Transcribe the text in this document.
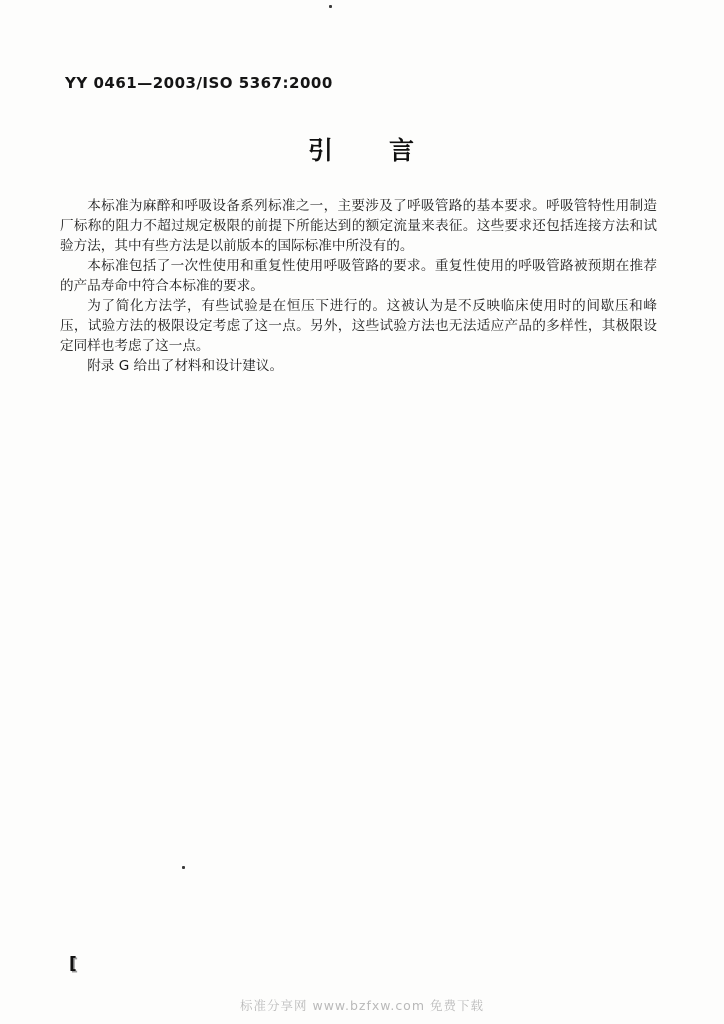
YY 0461—2003/ISO 5367:2000
引　　言

本标准为麻醉和呼吸设备系列标准之一，主要涉及了呼吸管路的基本要求。呼吸管特性用制造厂标称的阻力不超过规定极限的前提下所能达到的额定流量来表征。这些要求还包括连接方法和试验方法，其中有些方法是以前版本的国际标准中所没有的。

本标准包括了一次性使用和重复性使用呼吸管路的要求。重复性使用的呼吸管路被预期在推荐的产品寿命中符合本标准的要求。

为了简化方法学，有些试验是在恒压下进行的。这被认为是不反映临床使用时的间歇压和峰压，试验方法的极限设定考虑了这一点。另外，这些试验方法也无法适应产品的多样性，其极限设定同样也考虑了这一点。

附录 G 给出了材料和设计建议。

[
标准分享网 www.bzfxw.com 免费下载
